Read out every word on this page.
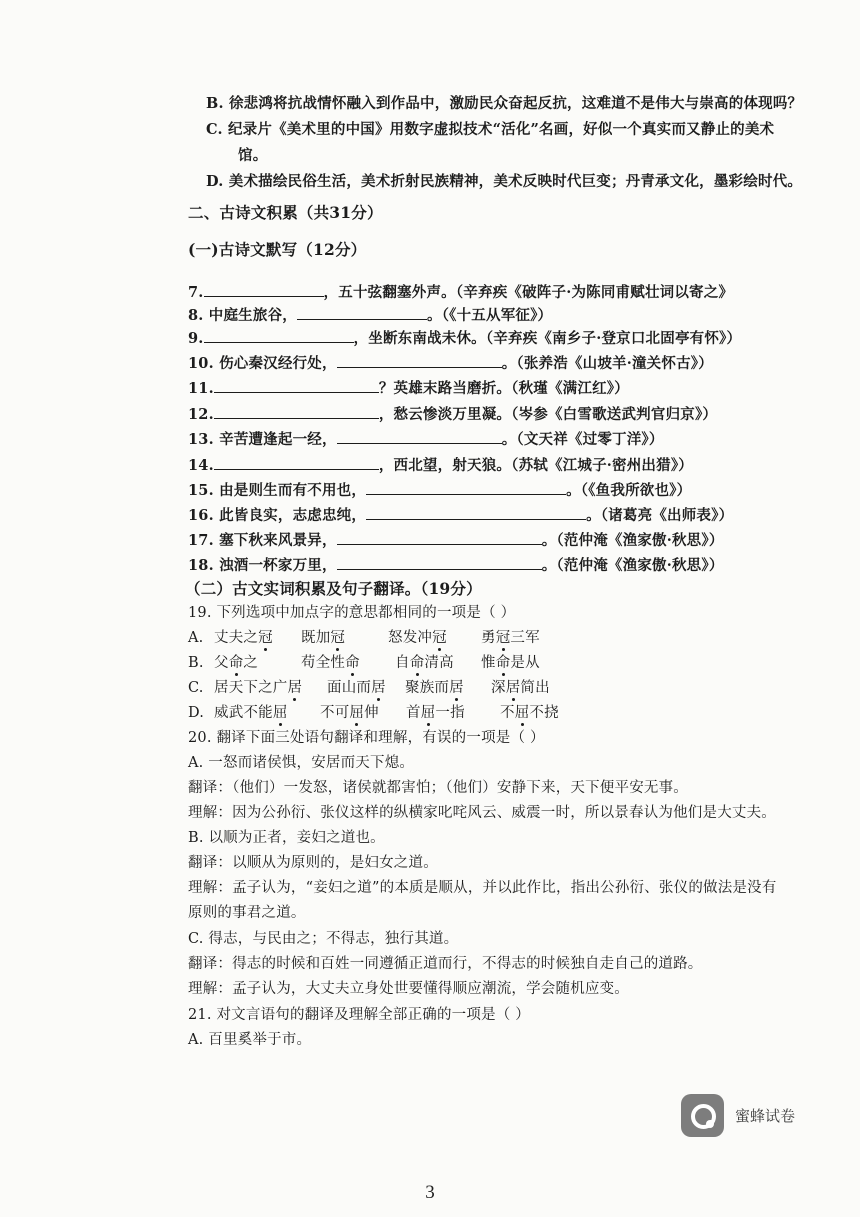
B. 徐悲鸿将抗战情怀融入到作品中，激励民众奋起反抗，这难道不是伟大与崇高的体现吗？
C. 纪录片《美术里的中国》用数字虚拟技术“活化”名画，好似一个真实而又静止的美术
馆。
D. 美术描绘民俗生活，美术折射民族精神，美术反映时代巨变；丹青承文化，墨彩绘时代。
二、古诗文积累（共31分）
(一)古诗文默写（12分）
7.	，五十弦翻塞外声。（辛弃疾《破阵子·为陈同甫赋壮词以寄之》
8. 中庭生旅谷，	。（《十五从军征》）
9.	，坐断东南战未休。（辛弃疾《南乡子·登京口北固亭有怀》）
10. 伤心秦汉经行处，	。（张养浩《山坡羊·潼关怀古》）
11.	？英雄末路当磨折。（秋瑾《满江红》）
12.	，愁云惨淡万里凝。（岑参《白雪歌送武判官归京》）
13. 辛苦遭逢起一经，	。（文天祥《过零丁洋》）
14.	，西北望，射天狼。（苏轼《江城子·密州出猎》）
15. 由是则生而有不用也，	。（《鱼我所欲也》）
16. 此皆良实，志虑忠纯，	。（诸葛亮《出师表》）
17. 塞下秋来风景异，	。（范仲淹《渔家傲·秋思》）
18. 浊酒一杯家万里，	。（范仲淹《渔家傲·秋思》）
（二）古文实词积累及句子翻译。（19分）
19. 下列选项中加点字的意思都相同的一项是（ ）
A. 丈夫之冠 既加冠	怒发冲冠 勇冠三军
B. 父命之	苟全性命 自命清高 惟命是从
C. 居天下之广居 面山而居 聚族而居 深居简出
D. 威武不能屈 不可屈伸 首屈一指 不屈不挠
20. 翻译下面三处语句翻译和理解，有误的一项是（ ）
A. 一怒而诸侯惧，安居而天下熄。
翻译：（他们）一发怒，诸侯就都害怕；（他们）安静下来，天下便平安无事。
理解：因为公孙衍、张仪这样的纵横家叱咤风云、威震一时，所以景春认为他们是大丈夫。
B. 以顺为正者，妾妇之道也。
翻译：以顺从为原则的，是妇女之道。
理解：孟子认为，“妾妇之道”的本质是顺从，并以此作比，指出公孙衍、张仪的做法是没有
原则的事君之道。
C. 得志，与民由之；不得志，独行其道。
翻译：得志的时候和百姓一同遵循正道而行，不得志的时候独自走自己的道路。
理解：孟子认为，大丈夫立身处世要懂得顺应潮流，学会随机应变。
21. 对文言语句的翻译及理解全部正确的一项是（ ）
A. 百里奚举于市。
蜜蜂试卷
3
